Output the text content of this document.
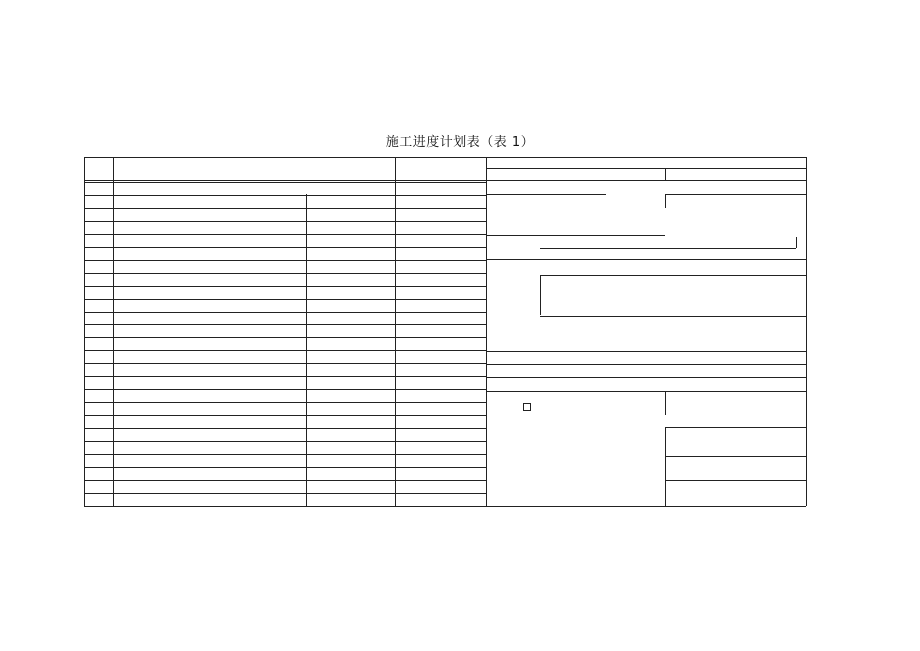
施工进度计划表（表 1）
